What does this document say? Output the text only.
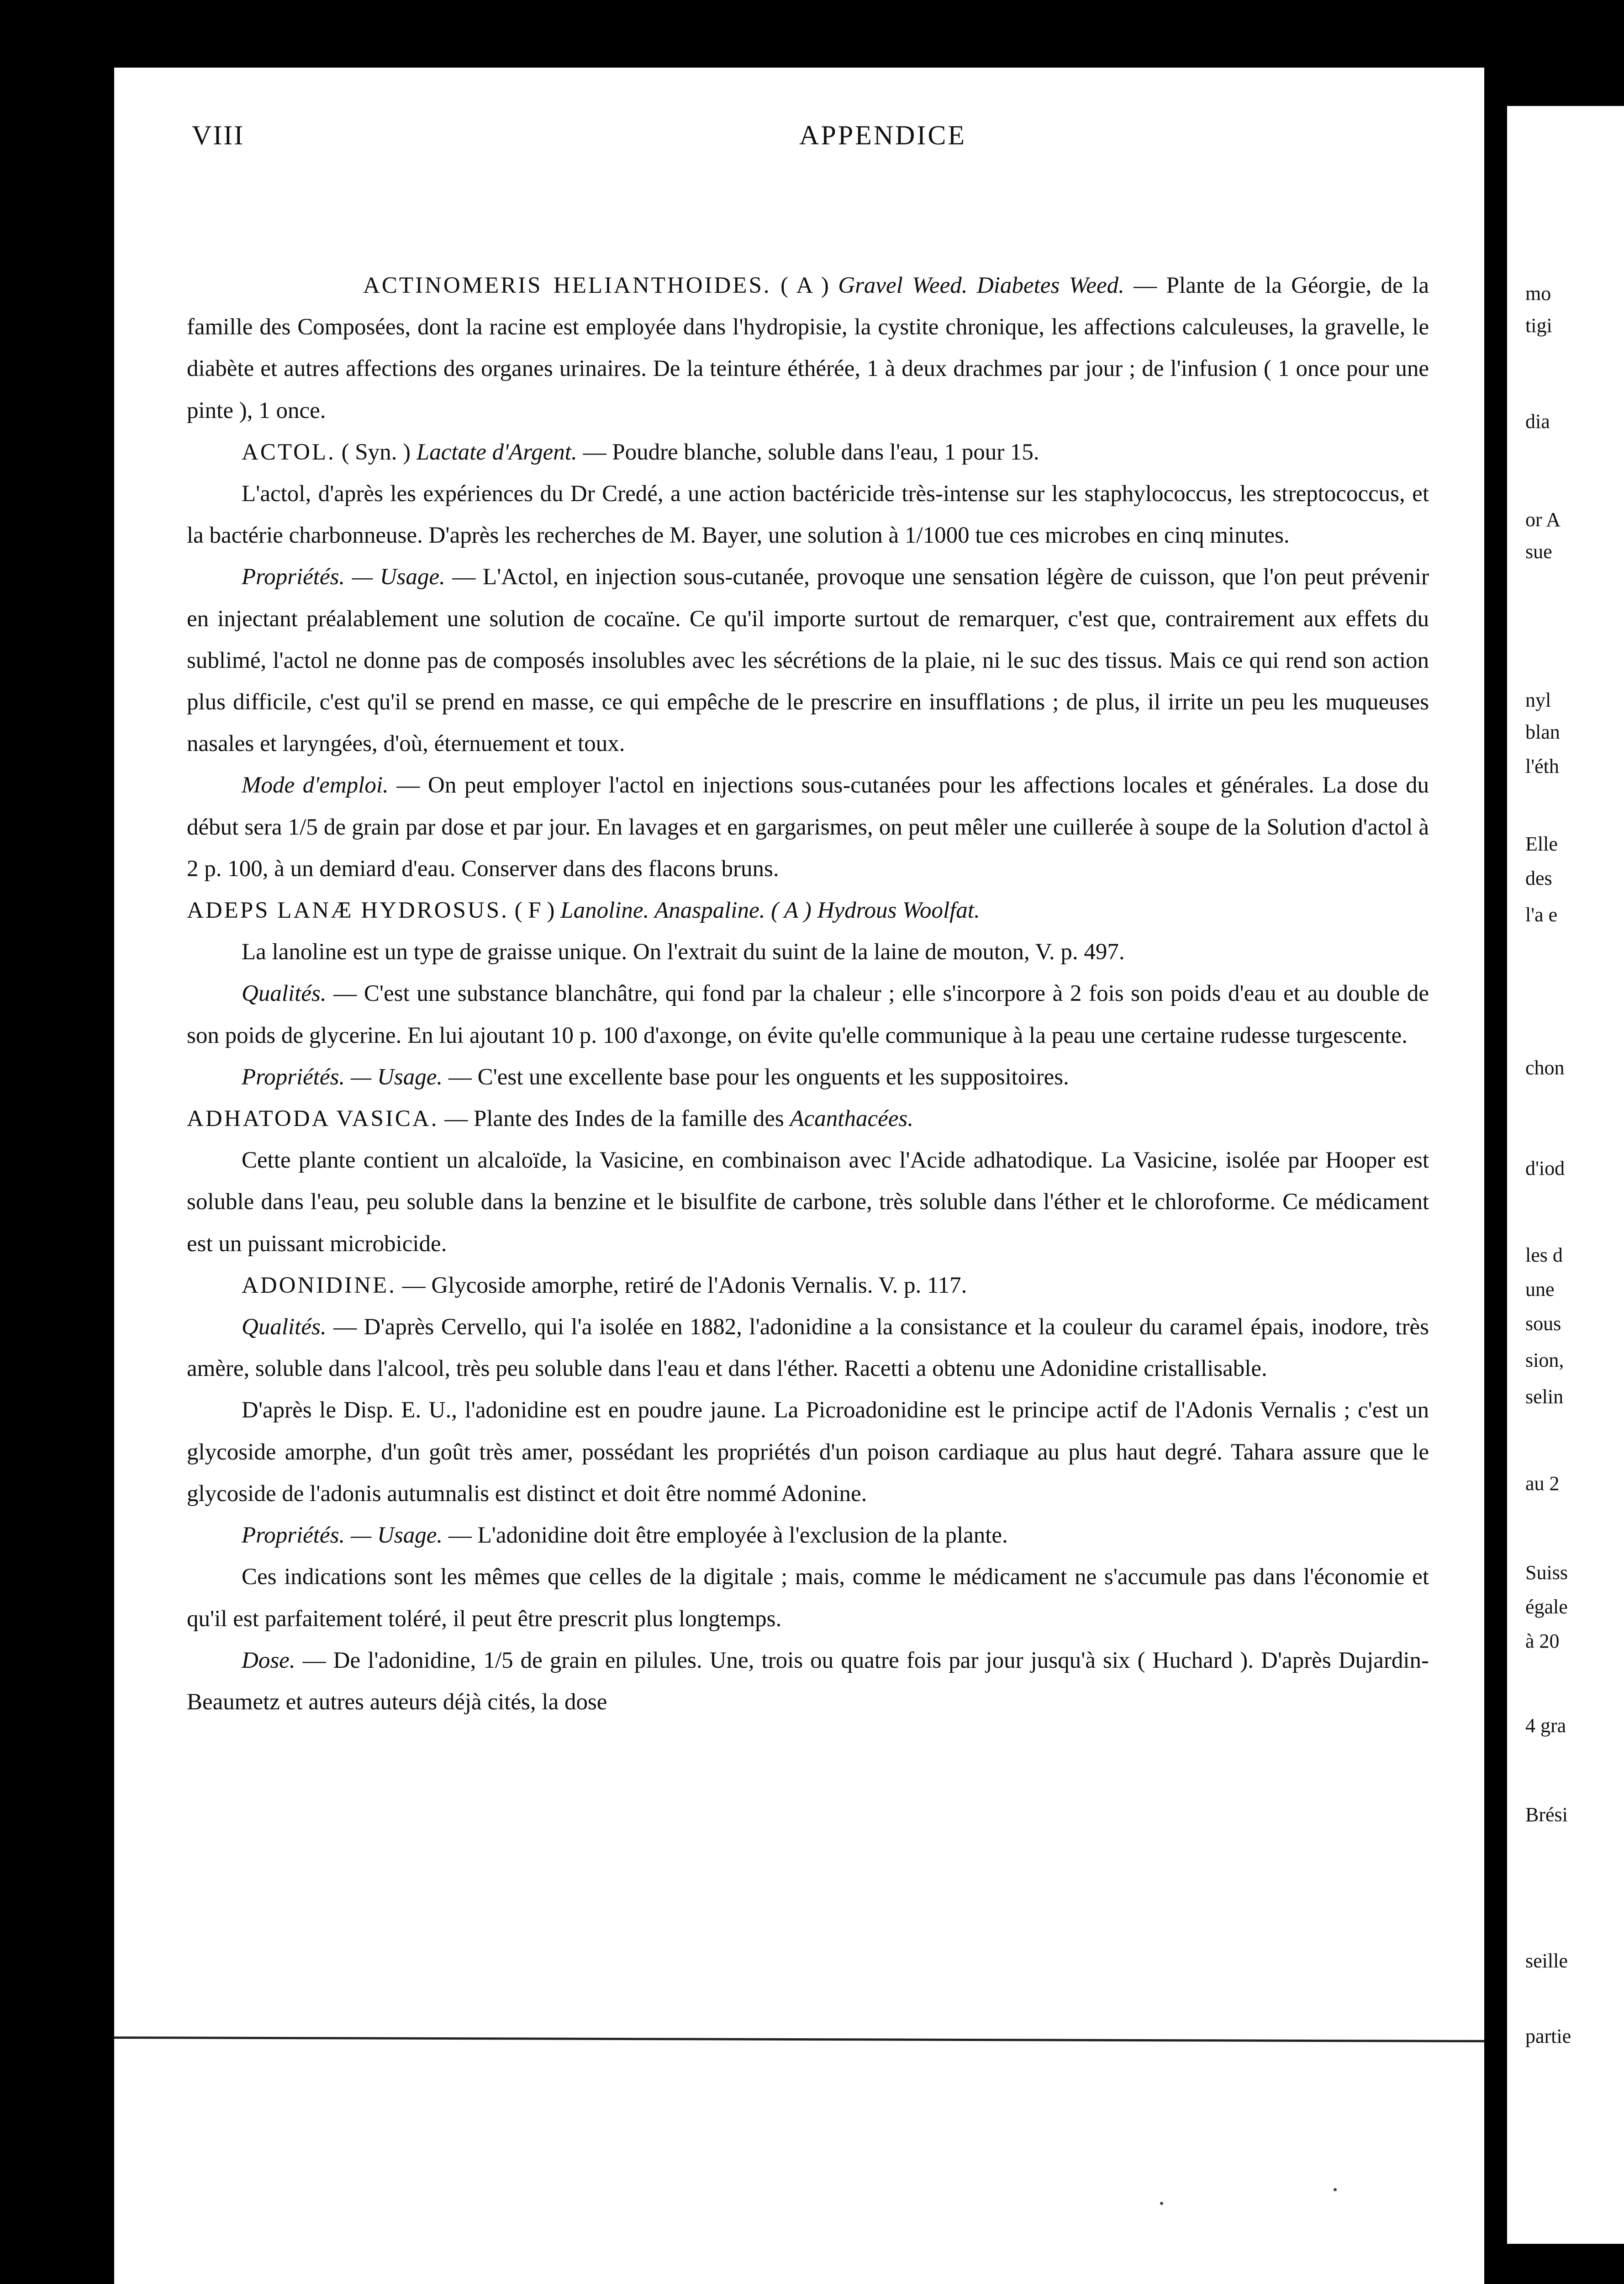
mo
tigi
dia
or A
sue
nyl
blan
l'éth
Elle
des
l'a e
chon
d'iod
les d
une
sous
sion,
selin
au 2
Suiss
égale
à 20
4 gra
Brési
seille
partie
VIII	APPENDICE
ACTINOMERIS HELIANTHOIDES. ( A ) Gravel Weed. Diabetes Weed. — Plante de la Géorgie, de la famille des Composées, dont la racine est employée dans l'hydropisie, la cystite chronique, les affections calculeuses, la gravelle, le diabète et autres affections des organes urinaires. De la teinture éthérée, 1 à deux drachmes par jour ; de l'infusion ( 1 once pour une pinte ), 1 once.
ACTOL. ( Syn. ) Lactate d'Argent. — Poudre blanche, soluble dans l'eau, 1 pour 15.
L'actol, d'après les expériences du Dr Credé, a une action bactéricide très-intense sur les staphylococcus, les streptococcus, et la bactérie charbonneuse. D'après les recherches de M. Bayer, une solution à 1/1000 tue ces microbes en cinq minutes.
Propriétés. — Usage. — L'Actol, en injection sous-cutanée, provoque une sensation légère de cuisson, que l'on peut prévenir en injectant préalablement une solution de cocaïne. Ce qu'il importe surtout de remarquer, c'est que, contrairement aux effets du sublimé, l'actol ne donne pas de composés insolubles avec les sécrétions de la plaie, ni le suc des tissus. Mais ce qui rend son action plus difficile, c'est qu'il se prend en masse, ce qui empêche de le prescrire en insufflations ; de plus, il irrite un peu les muqueuses nasales et laryngées, d'où, éternuement et toux.
Mode d'emploi. — On peut employer l'actol en injections sous-cutanées pour les affections locales et générales. La dose du début sera 1/5 de grain par dose et par jour. En lavages et en gargarismes, on peut mêler une cuillerée à soupe de la Solution d'actol à 2 p. 100, à un demiard d'eau. Conserver dans des flacons bruns.
ADEPS LANÆ HYDROSUS. ( F ) Lanoline. Anaspaline. ( A ) Hydrous Woolfat.
La lanoline est un type de graisse unique. On l'extrait du suint de la laine de mouton, V. p. 497.
Qualités. — C'est une substance blanchâtre, qui fond par la chaleur ; elle s'incorpore à 2 fois son poids d'eau et au double de son poids de glycerine. En lui ajoutant 10 p. 100 d'axonge, on évite qu'elle communique à la peau une certaine rudesse turgescente.
Propriétés. — Usage. — C'est une excellente base pour les onguents et les suppositoires.
ADHATODA VASICA. — Plante des Indes de la famille des Acanthacées.
Cette plante contient un alcaloïde, la Vasicine, en combinaison avec l'Acide adhatodique. La Vasicine, isolée par Hooper est soluble dans l'eau, peu soluble dans la benzine et le bisulfite de carbone, très soluble dans l'éther et le chloroforme. Ce médicament est un puissant microbicide.
ADONIDINE. — Glycoside amorphe, retiré de l'Adonis Vernalis. V. p. 117.
Qualités. — D'après Cervello, qui l'a isolée en 1882, l'adonidine a la consistance et la couleur du caramel épais, inodore, très amère, soluble dans l'alcool, très peu soluble dans l'eau et dans l'éther. Racetti a obtenu une Adonidine cristallisable.
D'après le Disp. E. U., l'adonidine est en poudre jaune. La Picroadonidine est le principe actif de l'Adonis Vernalis ; c'est un glycoside amorphe, d'un goût très amer, possédant les propriétés d'un poison cardiaque au plus haut degré. Tahara assure que le glycoside de l'adonis autumnalis est distinct et doit être nommé Adonine.
Propriétés. — Usage. — L'adonidine doit être employée à l'exclusion de la plante.
Ces indications sont les mêmes que celles de la digitale ; mais, comme le médicament ne s'accumule pas dans l'économie et qu'il est parfaitement toléré, il peut être prescrit plus longtemps.
Dose. — De l'adonidine, 1/5 de grain en pilules. Une, trois ou quatre fois par jour jusqu'à six ( Huchard ). D'après Dujardin-Beaumetz et autres auteurs déjà cités, la dose
